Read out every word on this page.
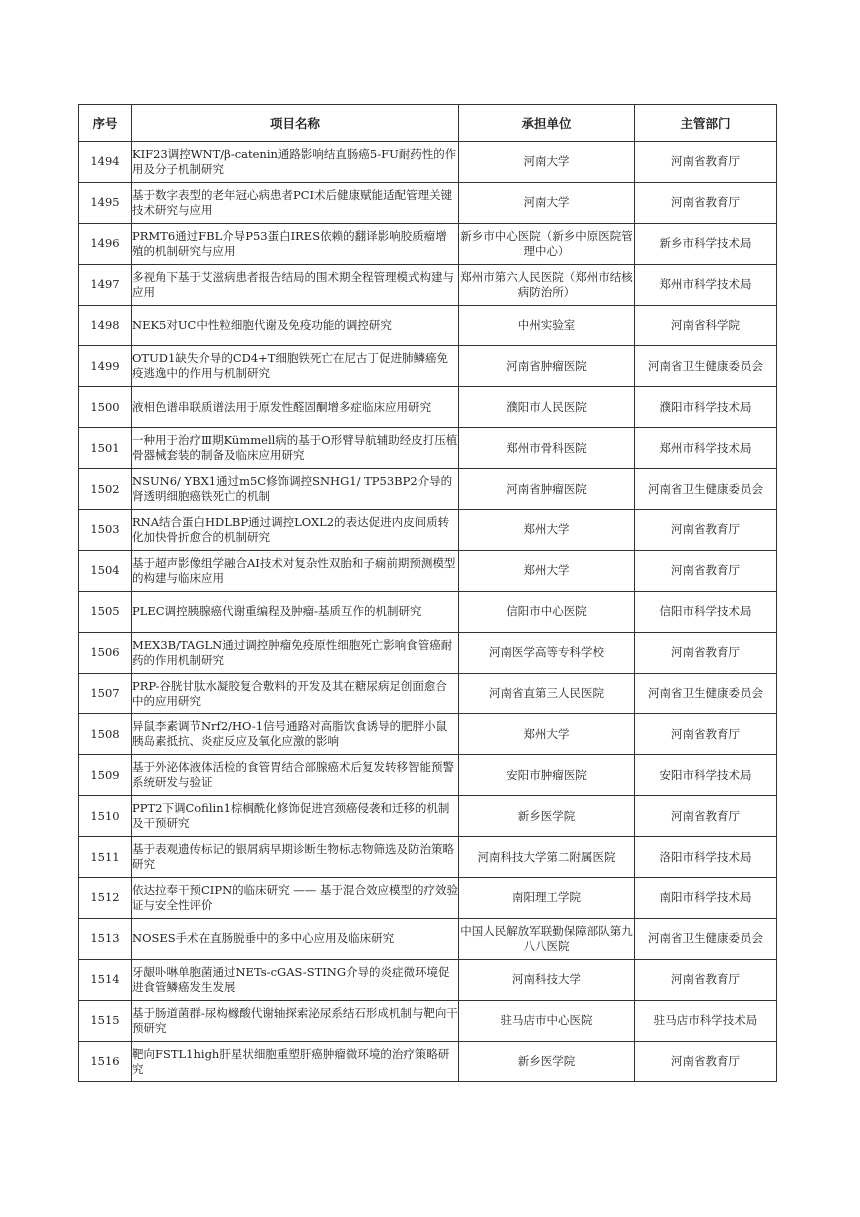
序号	项目名称	承担单位	主管部门
1494	KIF23调控WNT/β-catenin通路影响结直肠癌5-FU耐药性的作用及分子机制研究	河南大学	河南省教育厅
1495	基于数字表型的老年冠心病患者PCI术后健康赋能适配管理关键技术研究与应用	河南大学	河南省教育厅
1496	PRMT6通过FBL介导P53蛋白IRES依赖的翻译影响胶质瘤增殖的机制研究与应用	新乡市中心医院（新乡中原医院管理中心）	新乡市科学技术局
1497	多视角下基于艾滋病患者报告结局的围术期全程管理模式构建与应用	郑州市第六人民医院（郑州市结核病防治所）	郑州市科学技术局
1498	NEK5对UC中性粒细胞代谢及免疫功能的调控研究	中州实验室	河南省科学院
1499	OTUD1缺失介导的CD4+T细胞铁死亡在尼古丁促进肺鳞癌免疫逃逸中的作用与机制研究	河南省肿瘤医院	河南省卫生健康委员会
1500	液相色谱串联质谱法用于原发性醛固酮增多症临床应用研究	濮阳市人民医院	濮阳市科学技术局
1501	一种用于治疗Ⅲ期Kümmell病的基于O形臂导航辅助经皮打压植骨器械套装的制备及临床应用研究	郑州市骨科医院	郑州市科学技术局
1502	NSUN6/ YBX1通过m5C修饰调控SNHG1/ TP53BP2介导的肾透明细胞癌铁死亡的机制	河南省肿瘤医院	河南省卫生健康委员会
1503	RNA结合蛋白HDLBP通过调控LOXL2的表达促进内皮间质转化加快骨折愈合的机制研究	郑州大学	河南省教育厅
1504	基于超声影像组学融合AI技术对复杂性双胎和子痫前期预测模型的构建与临床应用	郑州大学	河南省教育厅
1505	PLEC调控胰腺癌代谢重编程及肿瘤-基质互作的机制研究	信阳市中心医院	信阳市科学技术局
1506	MEX3B/TAGLN通过调控肿瘤免疫原性细胞死亡影响食管癌耐药的作用机制研究	河南医学高等专科学校	河南省教育厅
1507	PRP-谷胱甘肽水凝胶复合敷料的开发及其在糖尿病足创面愈合中的应用研究	河南省直第三人民医院	河南省卫生健康委员会
1508	异鼠李素调节Nrf2/HO-1信号通路对高脂饮食诱导的肥胖小鼠胰岛素抵抗、炎症反应及氧化应激的影响	郑州大学	河南省教育厅
1509	基于外泌体液体活检的食管胃结合部腺癌术后复发转移智能预警系统研发与验证	安阳市肿瘤医院	安阳市科学技术局
1510	PPT2下调Cofilin1棕榈酰化修饰促进宫颈癌侵袭和迁移的机制及干预研究	新乡医学院	河南省教育厅
1511	基于表观遗传标记的银屑病早期诊断生物标志物筛选及防治策略研究	河南科技大学第二附属医院	洛阳市科学技术局
1512	依达拉奉干预CIPN的临床研究 —— 基于混合效应模型的疗效验证与安全性评价	南阳理工学院	南阳市科学技术局
1513	NOSES手术在直肠脱垂中的多中心应用及临床研究	中国人民解放军联勤保障部队第九八八医院	河南省卫生健康委员会
1514	牙龈卟啉单胞菌通过NETs-cGAS-STING介导的炎症微环境促进食管鳞癌发生发展	河南科技大学	河南省教育厅
1515	基于肠道菌群-尿构橼酸代谢轴探索泌尿系结石形成机制与靶向干预研究	驻马店市中心医院	驻马店市科学技术局
1516	靶向FSTL1high肝星状细胞重塑肝癌肿瘤微环境的治疗策略研究	新乡医学院	河南省教育厅
